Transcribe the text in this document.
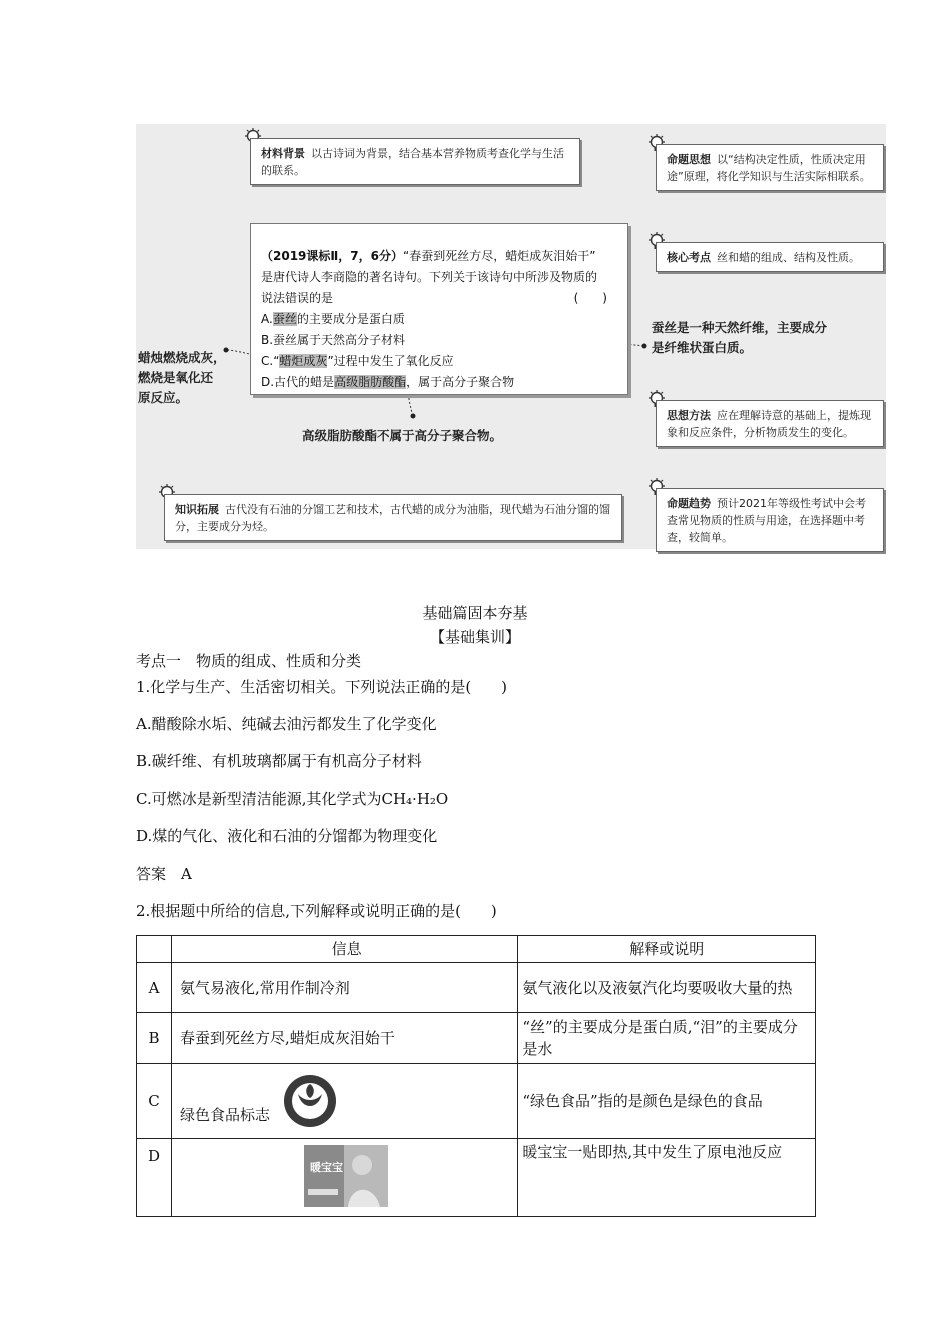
材料背景 以古诗词为背景，结合基本营养物质考查化学与生活的联系。
命题思想 以“结构决定性质，性质决定用途”原理，将化学知识与生活实际相联系。
核心考点 丝和蜡的组成、结构及性质。
思想方法 应在理解诗意的基础上，提炼现象和反应条件，分析物质发生的变化。
命题趋势 预计2021年等级性考试中会考查常见物质的性质与用途，在选择题中考查，较简单。
知识拓展 古代没有石油的分馏工艺和技术，古代蜡的成分为油脂，现代蜡为石油分馏的馏分，主要成分为烃。
蚕丝是一种天然纤维，主要成分
是纤维状蛋白质。
蜡烛燃烧成灰，
燃烧是氧化还
原反应。
高级脂肪酸酯不属于高分子聚合物。
（2019课标Ⅱ，7，6分）“春蚕到死丝方尽，蜡炬成灰泪始干”
是唐代诗人李商隐的著名诗句。下列关于该诗句中所涉及物质的
说法错误的是	(　　)
A.蚕丝的主要成分是蛋白质
B.蚕丝属于天然高分子材料
C.“蜡炬成灰”过程中发生了氧化反应
D.古代的蜡是高级脂肪酸酯，属于高分子聚合物
基础篇固本夯基
【基础集训】
考点一　物质的组成、性质和分类
1.化学与生产、生活密切相关。下列说法正确的是(　　)
A.醋酸除水垢、纯碱去油污都发生了化学变化
B.碳纤维、有机玻璃都属于有机高分子材料
C.可燃冰是新型清洁能源,其化学式为CH₄·H₂O
D.煤的气化、液化和石油的分馏都为物理变化
答案　A
2.根据题中所给的信息,下列解释或说明正确的是(　　)
	信息	解释或说明
A	氨气易液化,常用作制冷剂	氨气液化以及液氨汽化均要吸收大量的热
B	春蚕到死丝方尽,蜡炬成灰泪始干	“丝”的主要成分是蛋白质,“泪”的主要成分是水
C	绿色食品标志	“绿色食品”指的是颜色是绿色的食品
D	暖宝宝	暖宝宝一贴即热,其中发生了原电池反应
